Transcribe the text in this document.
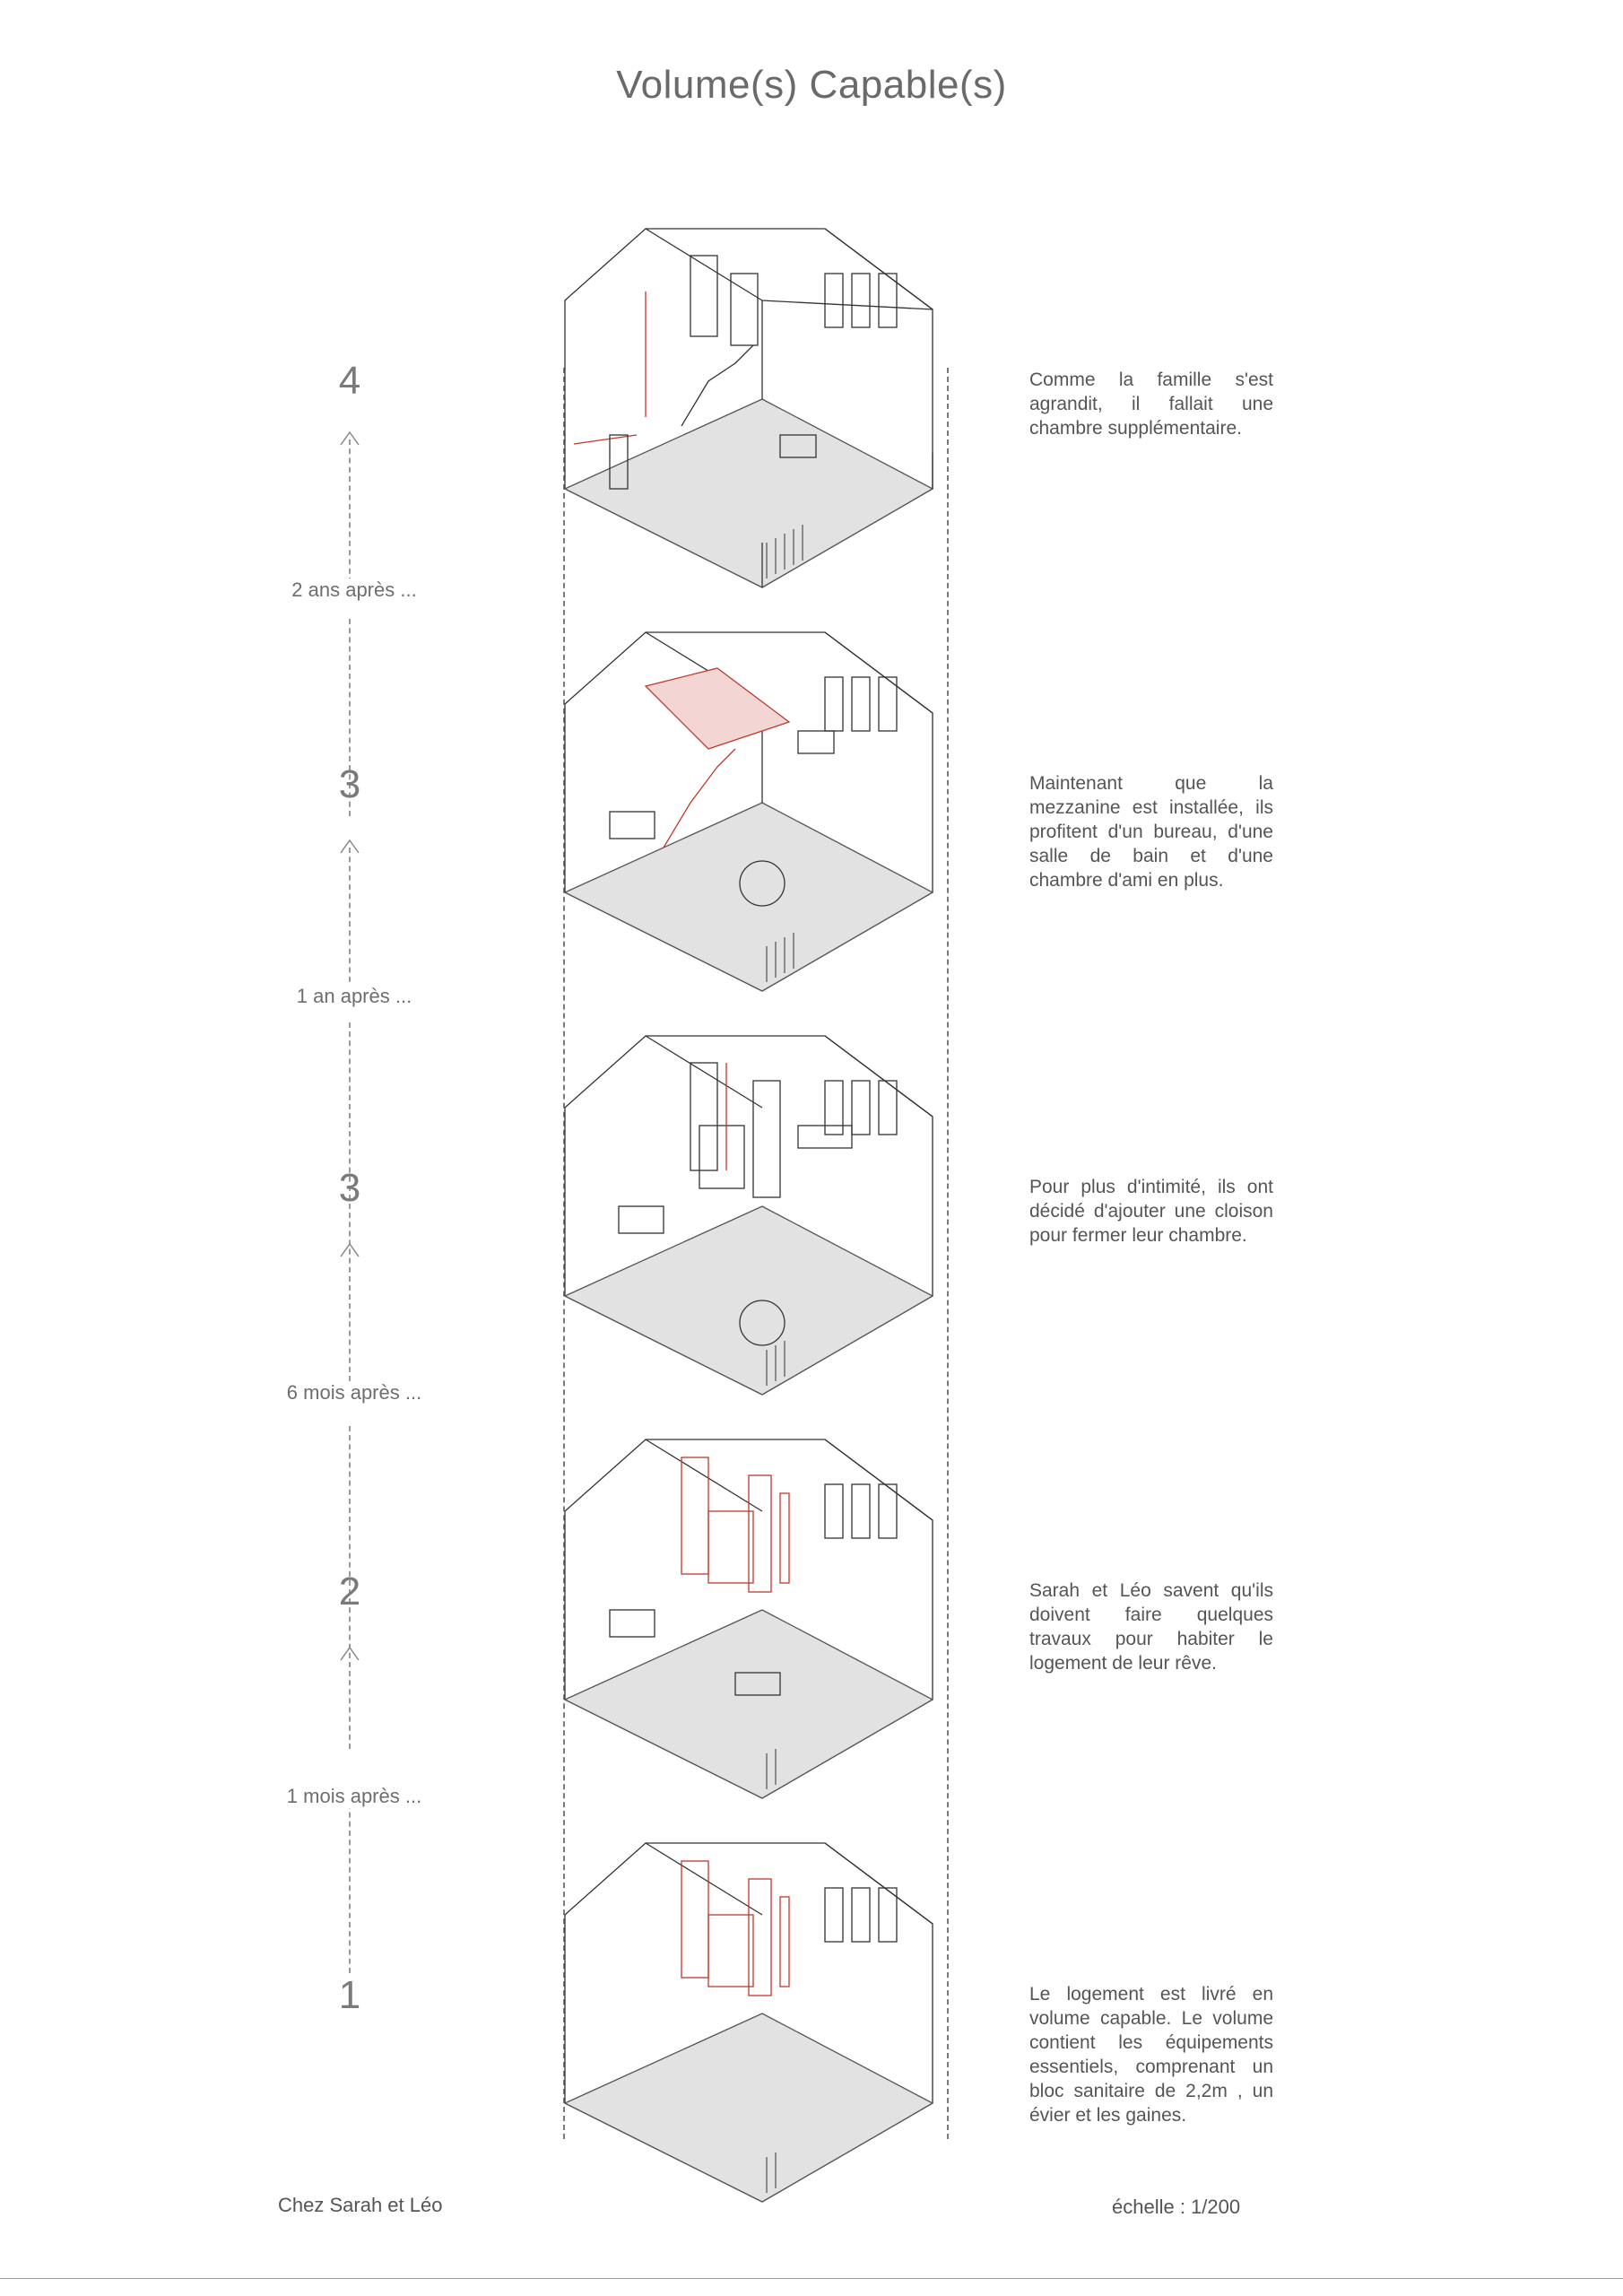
Volume(s) Capable(s)
4
3
3
2
1
2 ans après ...
1 an après ...
6 mois après ...
1 mois après ...
Comme la famille s'est agrandit, il fallait une chambre supplémentaire.
Maintenant que la mezzanine est installée, ils profitent d'un bureau, d'une salle de bain et d'une chambre d'ami en plus.
Pour plus d'intimité, ils ont décidé d'ajouter une cloison pour fermer leur chambre.
Sarah et Léo savent qu'ils doivent faire quelques travaux pour habiter le logement de leur rêve.
Le logement est livré en volume capable. Le volume contient les équipements essentiels, comprenant un bloc sanitaire de 2,2m , un évier et les gaines.
Chez Sarah et Léo	échelle : 1/200
